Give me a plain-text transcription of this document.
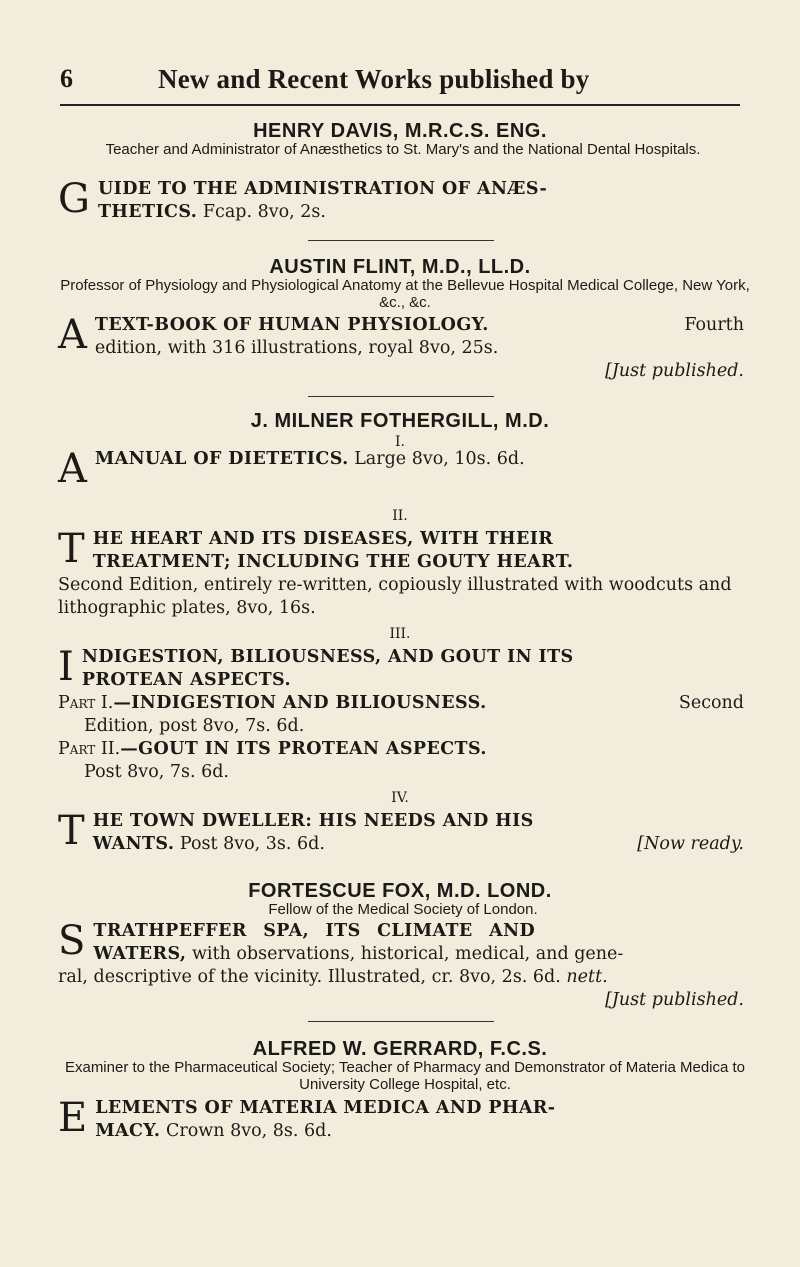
6	New and Recent Works published by
HENRY DAVIS, M.R.C.S. ENG.
Teacher and Administrator of Anæsthetics to St. Mary's and the National Dental Hospitals.
G UIDE TO THE ADMINISTRATION OF ANÆS-
THETICS. Fcap. 8vo, 2s.
AUSTIN FLINT, M.D., LL.D.
Professor of Physiology and Physiological Anatomy at the Bellevue Hospital Medical College, New York, &c., &c.
A TEXT-BOOK OF HUMAN PHYSIOLOGY.	Fourth
edition, with 316 illustrations, royal 8vo, 25s.
[Just published.
J. MILNER FOTHERGILL, M.D.
I.
A MANUAL OF DIETETICS. Large 8vo, 10s. 6d.
II.
T HE HEART AND ITS DISEASES, WITH THEIR
TREATMENT; INCLUDING THE GOUTY HEART.
Second Edition, entirely re-written, copiously illustrated with woodcuts and lithographic plates, 8vo, 16s.
III.
I NDIGESTION, BILIOUSNESS, AND GOUT IN ITS
PROTEAN ASPECTS.
Part I.—INDIGESTION AND BILIOUSNESS.	Second
Edition, post 8vo, 7s. 6d.
Part II.—GOUT IN ITS PROTEAN ASPECTS.
Post 8vo, 7s. 6d.
IV.
T HE TOWN DWELLER: HIS NEEDS AND HIS
WANTS. Post 8vo, 3s. 6d.	[Now ready.
FORTESCUE FOX, M.D. LOND.
Fellow of the Medical Society of London.
S TRATHPEFFER SPA, ITS CLIMATE AND
WATERS, with observations, historical, medical, and gene-
ral, descriptive of the vicinity. Illustrated, cr. 8vo, 2s. 6d. nett.
[Just published.
ALFRED W. GERRARD, F.C.S.
Examiner to the Pharmaceutical Society; Teacher of Pharmacy and Demonstrator of Materia Medica to University College Hospital, etc.
E LEMENTS OF MATERIA MEDICA AND PHAR-
MACY. Crown 8vo, 8s. 6d.
